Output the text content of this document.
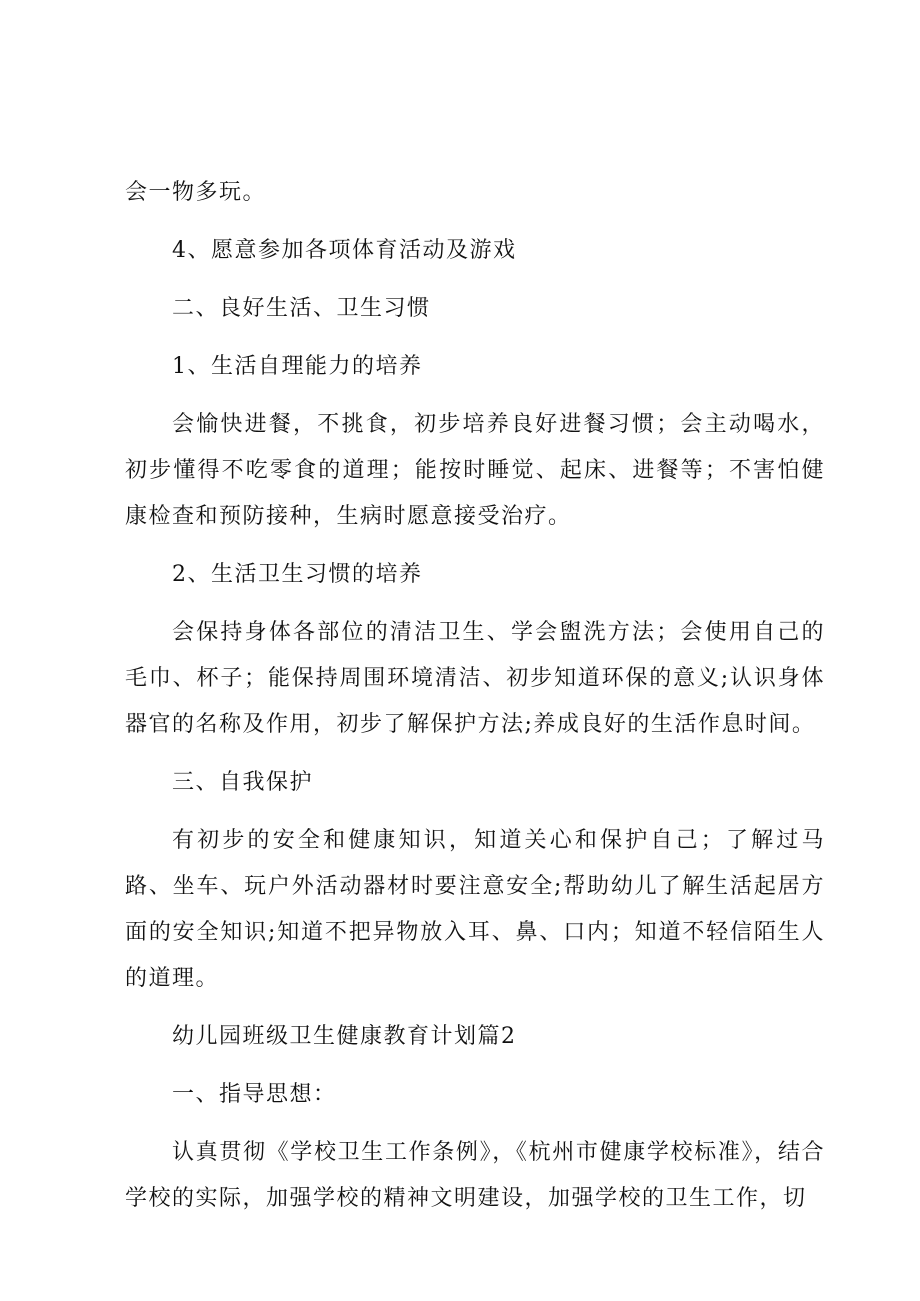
会一物多玩。

4、愿意参加各项体育活动及游戏

二、良好生活、卫生习惯

1、生活自理能力的培养

会愉快进餐，不挑食，初步培养良好进餐习惯；会主动喝水，初步懂得不吃零食的道理；能按时睡觉、起床、进餐等；不害怕健康检查和预防接种，生病时愿意接受治疗。

2、生活卫生习惯的培养

会保持身体各部位的清洁卫生、学会盥洗方法；会使用自己的毛巾、杯子；能保持周围环境清洁、初步知道环保的意义;认识身体器官的名称及作用，初步了解保护方法;养成良好的生活作息时间。

三、自我保护

有初步的安全和健康知识，知道关心和保护自己；了解过马路、坐车、玩户外活动器材时要注意安全;帮助幼儿了解生活起居方面的安全知识;知道不把异物放入耳、鼻、口内；知道不轻信陌生人的道理。

幼儿园班级卫生健康教育计划篇2

一、指导思想：

认真贯彻《学校卫生工作条例》，《杭州市健康学校标准》，结合学校的实际，加强学校的精神文明建设，加强学校的卫生工作，切
